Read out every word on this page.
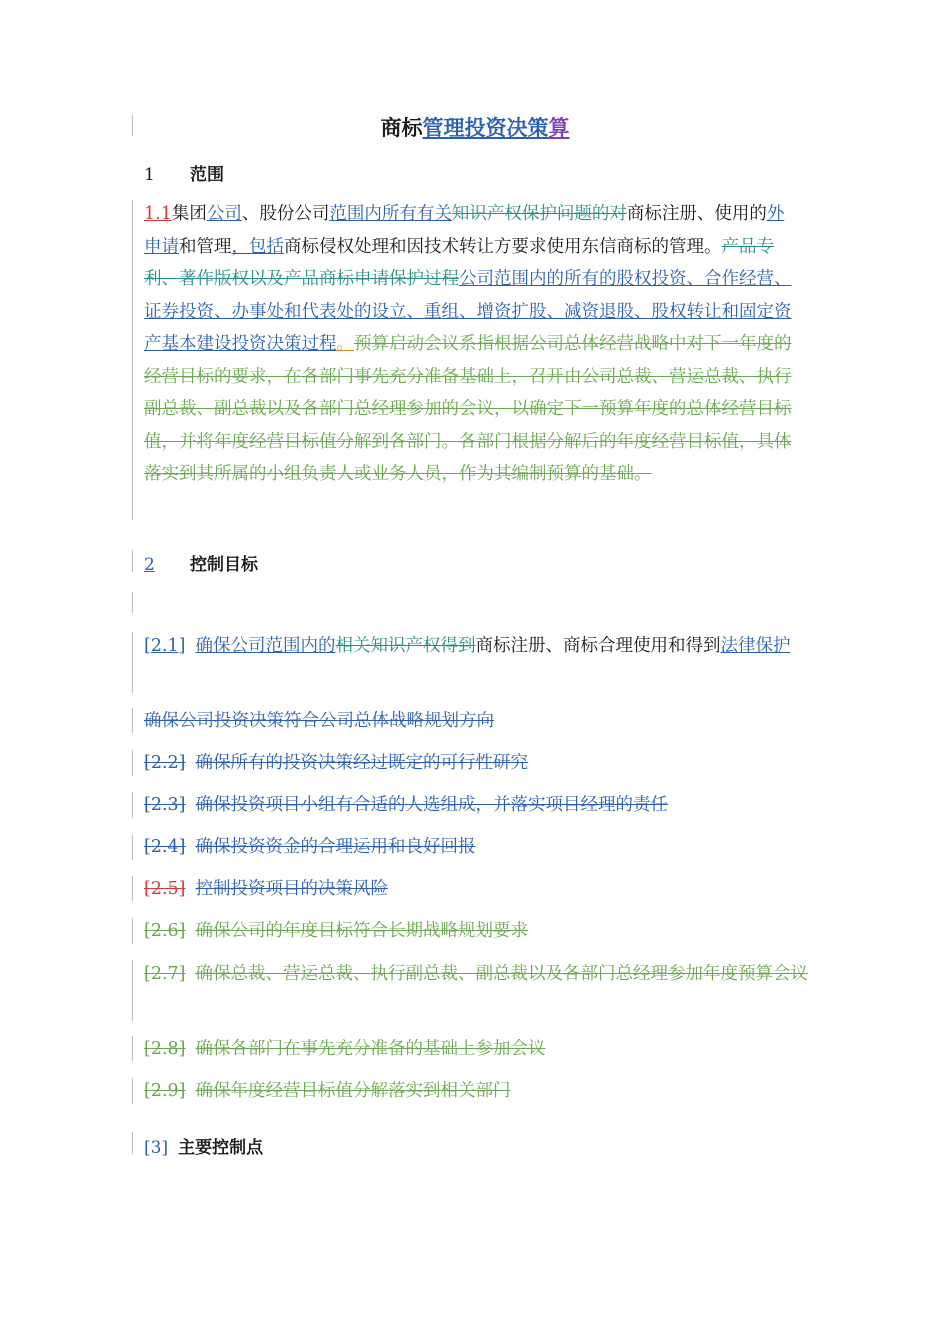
商标管理投资决策算
1 范围
1.1集团公司、股份公司范围内所有有关知识产权保护问题的对商标注册、使用的外申请和管理，包括商标侵权处理和因技术转让方要求使用东信商标的管理。产品专利、著作版权以及产品商标申请保护过程公司范围内的所有的股权投资、合作经营、证券投资、办事处和代表处的设立、重组、增资扩股、减资退股、股权转让和固定资产基本建设投资决策过程。预算启动会议系指根据公司总体经营战略中对下一年度的经营目标的要求，在各部门事先充分准备基础上，召开由公司总裁、营运总裁、执行副总裁、副总裁以及各部门总经理参加的会议，以确定下一预算年度的总体经营目标值，并将年度经营目标值分解到各部门。各部门根据分解后的年度经营目标值，具体落实到其所属的小组负责人或业务人员，作为其编制预算的基础。
2 控制目标
[2.1] 确保公司范围内的相关知识产权得到商标注册、商标合理使用和得到法律保护
确保公司投资决策符合公司总体战略规划方向
[2.2] 确保所有的投资决策经过既定的可行性研究
[2.3] 确保投资项目小组有合适的人选组成，并落实项目经理的责任
[2.4] 确保投资资金的合理运用和良好回报
[2.5] 控制投资项目的决策风险
[2.6] 确保公司的年度目标符合长期战略规划要求
[2.7] 确保总裁、营运总裁、执行副总裁、副总裁以及各部门总经理参加年度预算会议
[2.8] 确保各部门在事先充分准备的基础上参加会议
[2.9] 确保年度经营目标值分解落实到相关部门
[3] 主要控制点
